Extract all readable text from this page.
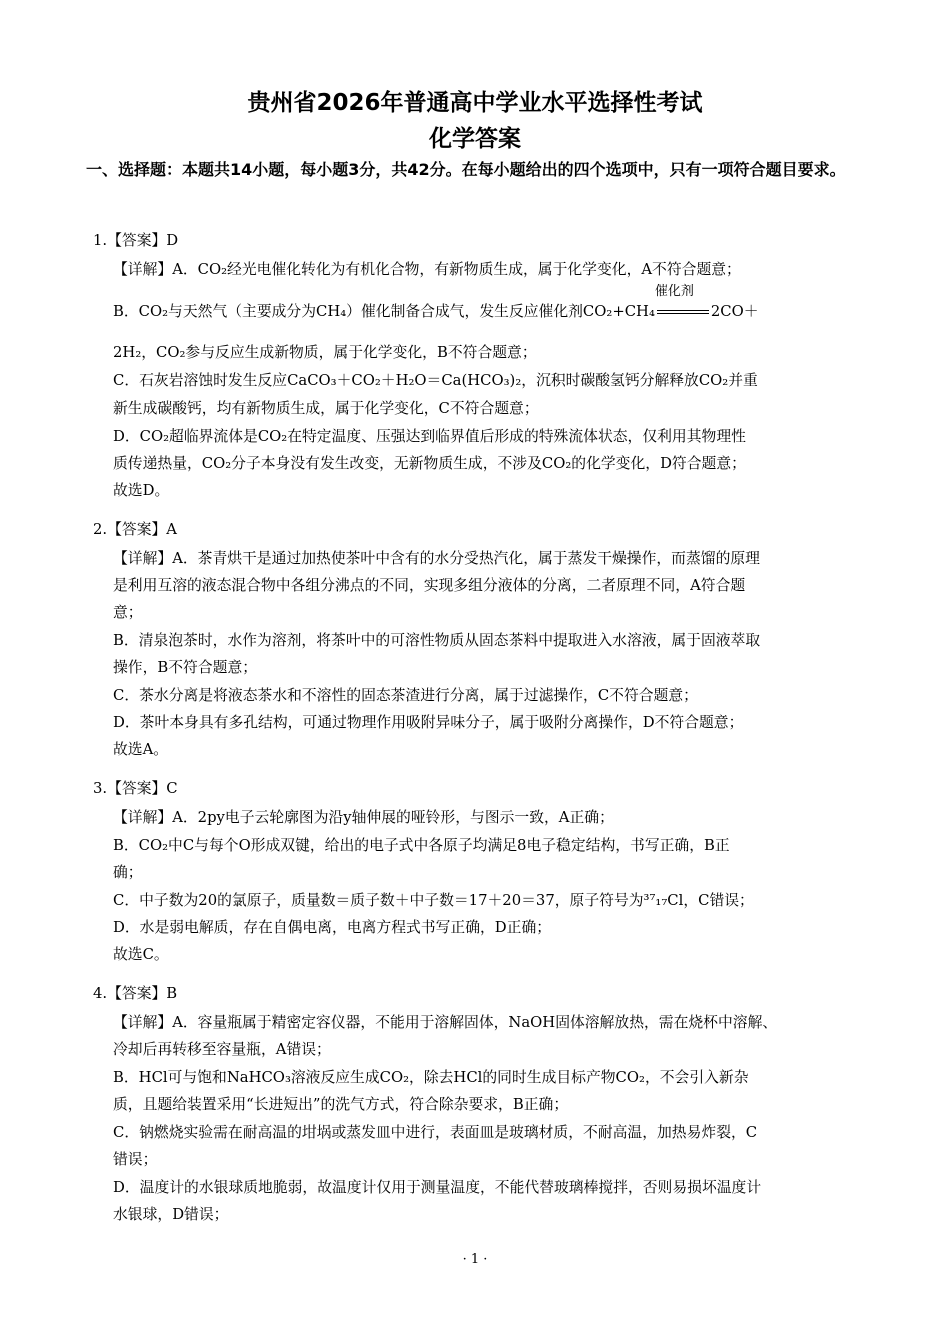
贵州省2026年普通高中学业水平选择性考试
化学答案
一、选择题：本题共14小题，每小题3分，共42分。在每小题给出的四个选项中，只有一项符合题目要求。
1.【答案】D
【详解】A．CO₂经光电催化转化为有机化合物，有新物质生成，属于化学变化，A不符合题意；
B．CO₂与天然气（主要成分为CH₄）催化制备合成气，发生反应催化剂CO₂+CH₄
催化剂
2CO＋
2H₂，CO₂参与反应生成新物质，属于化学变化，B不符合题意；
C．石灰岩溶蚀时发生反应CaCO₃＋CO₂＋H₂O＝Ca(HCO₃)₂，沉积时碳酸氢钙分解释放CO₂并重
新生成碳酸钙，均有新物质生成，属于化学变化，C不符合题意；
D．CO₂超临界流体是CO₂在特定温度、压强达到临界值后形成的特殊流体状态，仅利用其物理性
质传递热量，CO₂分子本身没有发生改变，无新物质生成，不涉及CO₂的化学变化，D符合题意；
故选D。
2.【答案】A
【详解】A．茶青烘干是通过加热使茶叶中含有的水分受热汽化，属于蒸发干燥操作，而蒸馏的原理
是利用互溶的液态混合物中各组分沸点的不同，实现多组分液体的分离，二者原理不同，A符合题
意；
B．清泉泡茶时，水作为溶剂，将茶叶中的可溶性物质从固态茶料中提取进入水溶液，属于固液萃取
操作，B不符合题意；
C．茶水分离是将液态茶水和不溶性的固态茶渣进行分离，属于过滤操作，C不符合题意；
D．茶叶本身具有多孔结构，可通过物理作用吸附异味分子，属于吸附分离操作，D不符合题意；
故选A。
3.【答案】C
【详解】A．2py电子云轮廓图为沿y轴伸展的哑铃形，与图示一致，A正确；
B．CO₂中C与每个O形成双键，给出的电子式中各原子均满足8电子稳定结构，书写正确，B正
确；
C．中子数为20的氯原子，质量数＝质子数＋中子数＝17＋20＝37，原子符号为³⁷₁₇Cl，C错误；
D．水是弱电解质，存在自偶电离，电离方程式书写正确，D正确；
故选C。
4.【答案】B
【详解】A．容量瓶属于精密定容仪器，不能用于溶解固体，NaOH固体溶解放热，需在烧杯中溶解、
冷却后再转移至容量瓶，A错误；
B．HCl可与饱和NaHCO₃溶液反应生成CO₂，除去HCl的同时生成目标产物CO₂，不会引入新杂
质，且题给装置采用“长进短出”的洗气方式，符合除杂要求，B正确；
C．钠燃烧实验需在耐高温的坩埚或蒸发皿中进行，表面皿是玻璃材质，不耐高温，加热易炸裂，C
错误；
D．温度计的水银球质地脆弱，故温度计仅用于测量温度，不能代替玻璃棒搅拌，否则易损坏温度计
水银球，D错误；
· 1 ·
